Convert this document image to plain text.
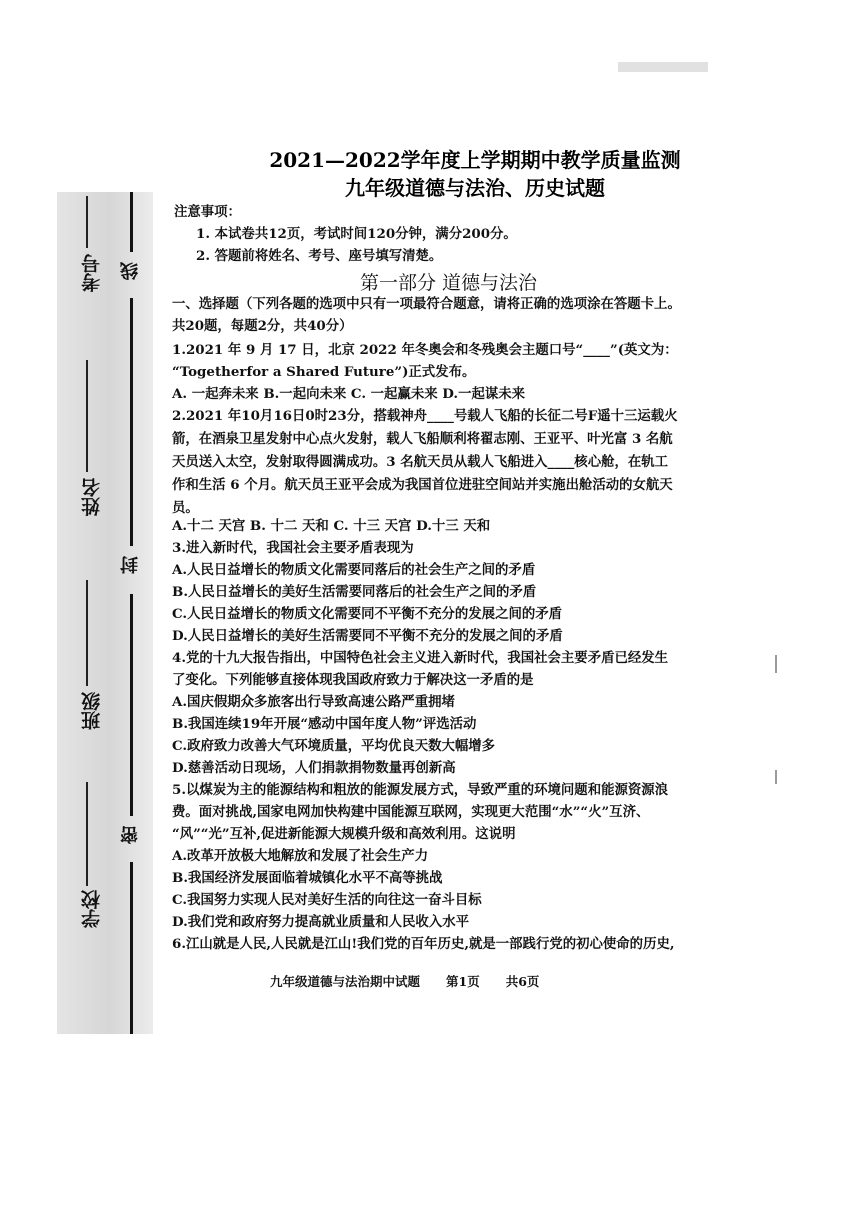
线
封
密
考号
姓名
班级
学校
2021—2022学年度上学期期中教学质量监测
九年级道德与法治、历史试题
注意事项：
1. 本试卷共12页，考试时间120分钟，满分200分。
2. 答题前将姓名、考号、座号填写清楚。
第一部分 道德与法治
一、选择题（下列各题的选项中只有一项最符合题意，请将正确的选项涂在答题卡上。
共20题，每题2分，共40分）
1.2021 年 9 月 17 日，北京 2022 年冬奥会和冬残奥会主题口号“____”(英文为：
“Togetherfor a Shared Future”)正式发布。
A. 一起奔未来 B.一起向未来 C. 一起赢未来 D.一起谋未来
2.2021 年10月16日0时23分，搭载神舟____号载人飞船的长征二号F遥十三运载火
箭，在酒泉卫星发射中心点火发射，载人飞船顺利将翟志刚、王亚平、叶光富 3 名航
天员送入太空，发射取得圆满成功。3 名航天员从载人飞船进入____核心舱，在轨工
作和生活 6 个月。航天员王亚平会成为我国首位进驻空间站并实施出舱活动的女航天
员。
A.十二 天宫 B. 十二 天和 C. 十三 天宫 D.十三 天和
3.进入新时代，我国社会主要矛盾表现为
A.人民日益增长的物质文化需要同落后的社会生产之间的矛盾
B.人民日益增长的美好生活需要同落后的社会生产之间的矛盾
C.人民日益增长的物质文化需要同不平衡不充分的发展之间的矛盾
D.人民日益增长的美好生活需要同不平衡不充分的发展之间的矛盾
4.党的十九大报告指出，中国特色社会主义进入新时代，我国社会主要矛盾已经发生
了变化。下列能够直接体现我国政府致力于解决这一矛盾的是
A.国庆假期众多旅客出行导致高速公路严重拥堵
B.我国连续19年开展“感动中国年度人物”评选活动
C.政府致力改善大气环境质量，平均优良天数大幅增多
D.慈善活动日现场，人们捐款捐物数量再创新高
5.以煤炭为主的能源结构和粗放的能源发展方式，导致严重的环境问题和能源资源浪
费。面对挑战,国家电网加快构建中国能源互联网，实现更大范围“水”“火”互济、
“风”“光”互补,促进新能源大规模升级和高效利用。这说明
A.改革开放极大地解放和发展了社会生产力
B.我国经济发展面临着城镇化水平不高等挑战
C.我国努力实现人民对美好生活的向往这一奋斗目标
D.我们党和政府努力提高就业质量和人民收入水平
6.江山就是人民,人民就是江山!我们党的百年历史,就是一部践行党的初心使命的历史,
九年级道德与法治期中试题 第1页 共6页
